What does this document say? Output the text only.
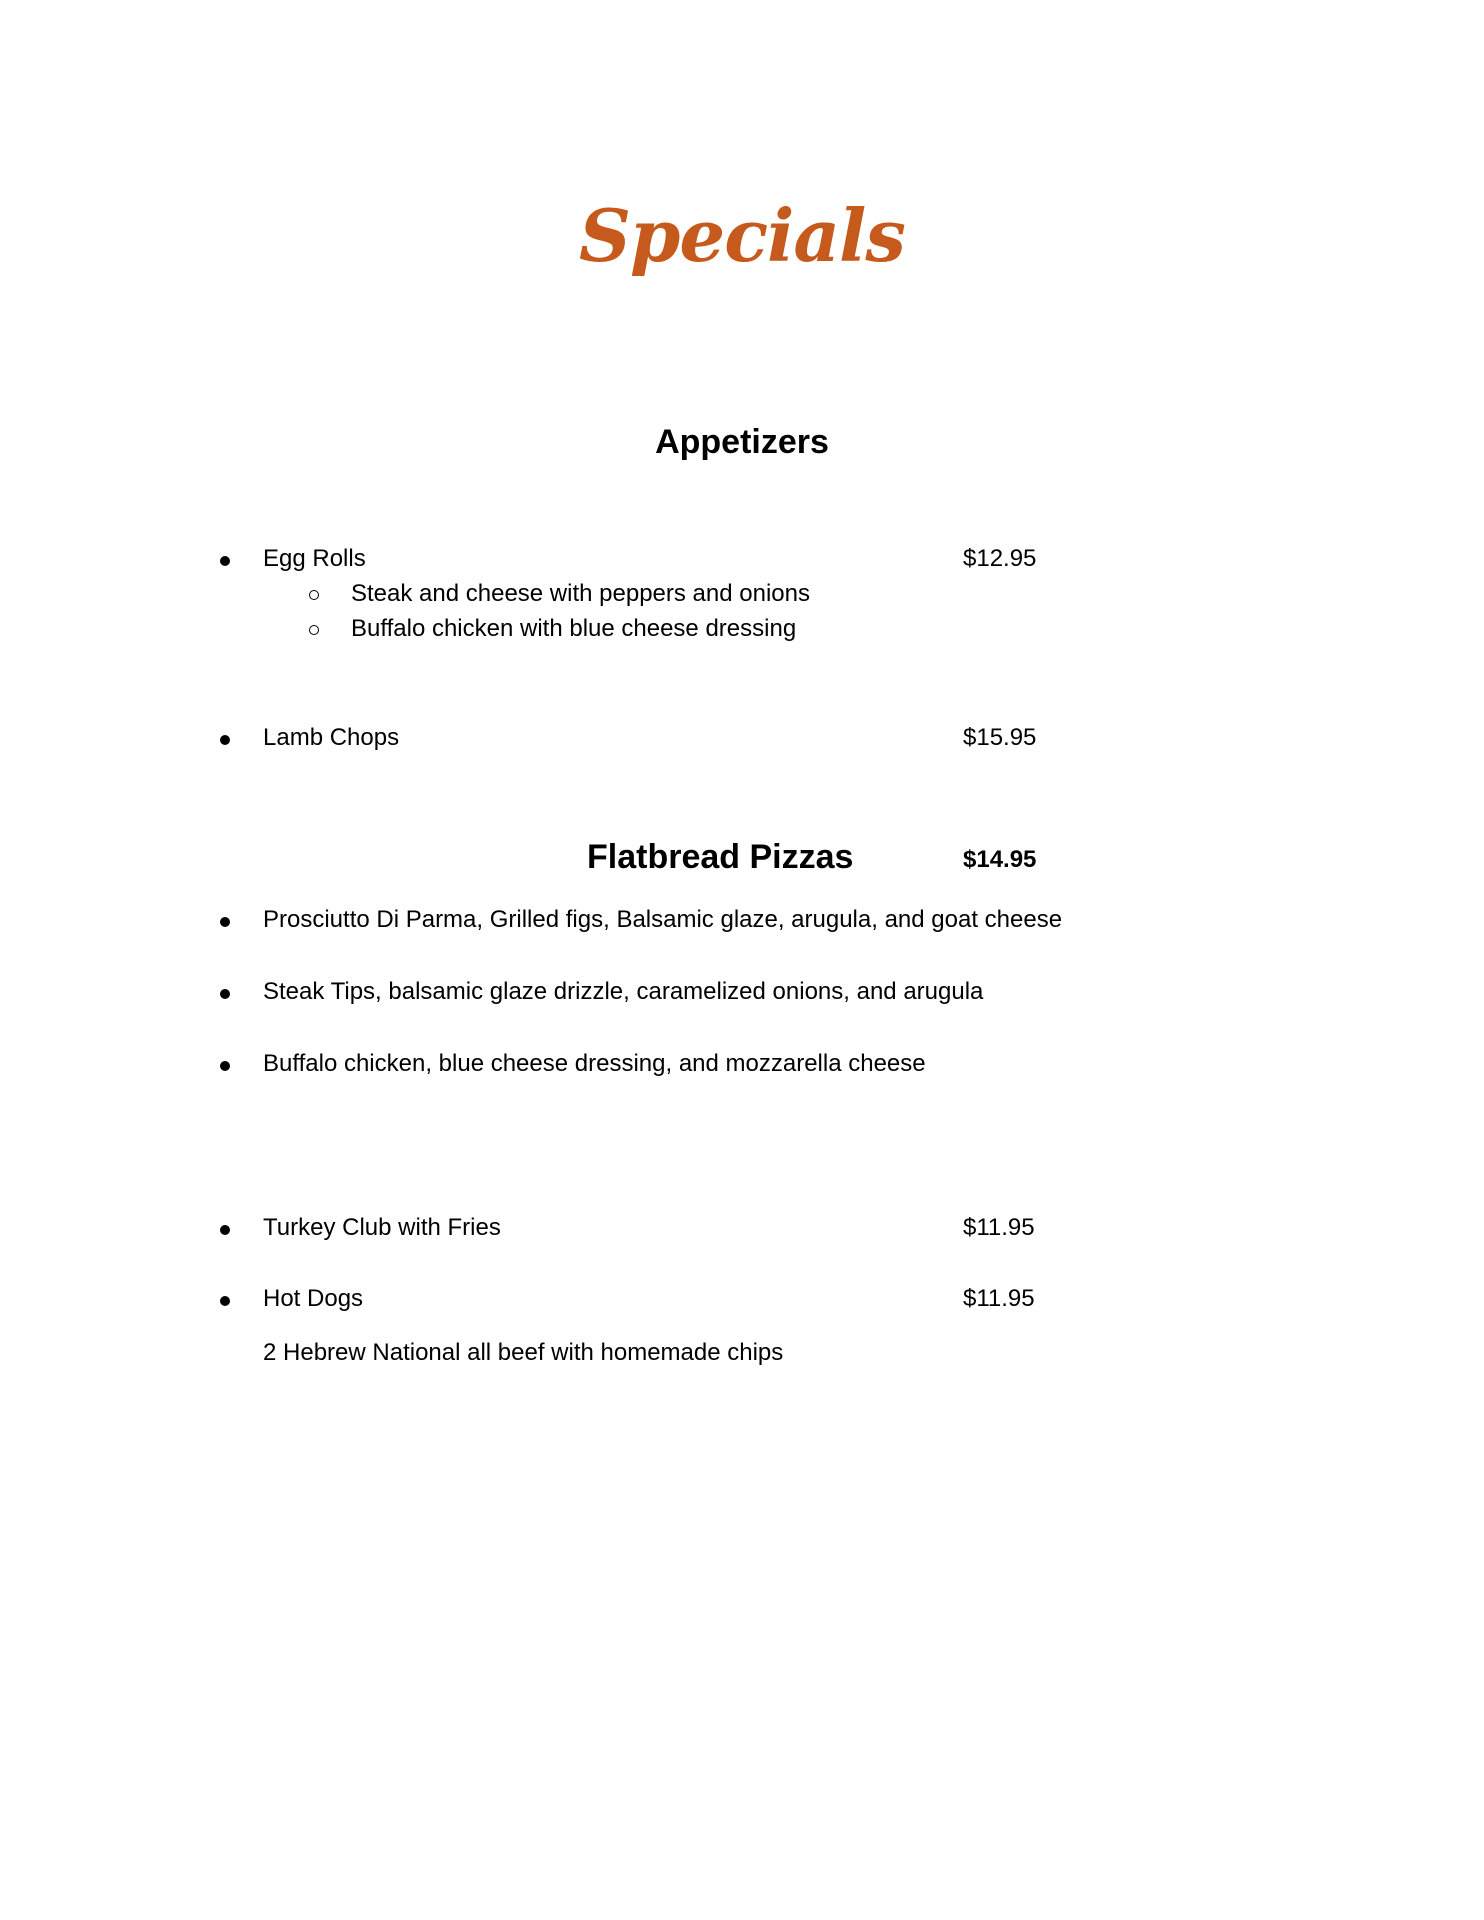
Specials
Appetizers
Egg Rolls	$12.95
Steak and cheese with peppers and onions
Buffalo chicken with blue cheese dressing
Lamb Chops	$15.95
Flatbread Pizzas	$14.95
Prosciutto Di Parma, Grilled figs, Balsamic glaze, arugula, and goat cheese
Steak Tips, balsamic glaze drizzle, caramelized onions, and arugula
Buffalo chicken, blue cheese dressing, and mozzarella cheese
Turkey Club with Fries	$11.95
Hot Dogs	$11.95
2 Hebrew National all beef with homemade chips
